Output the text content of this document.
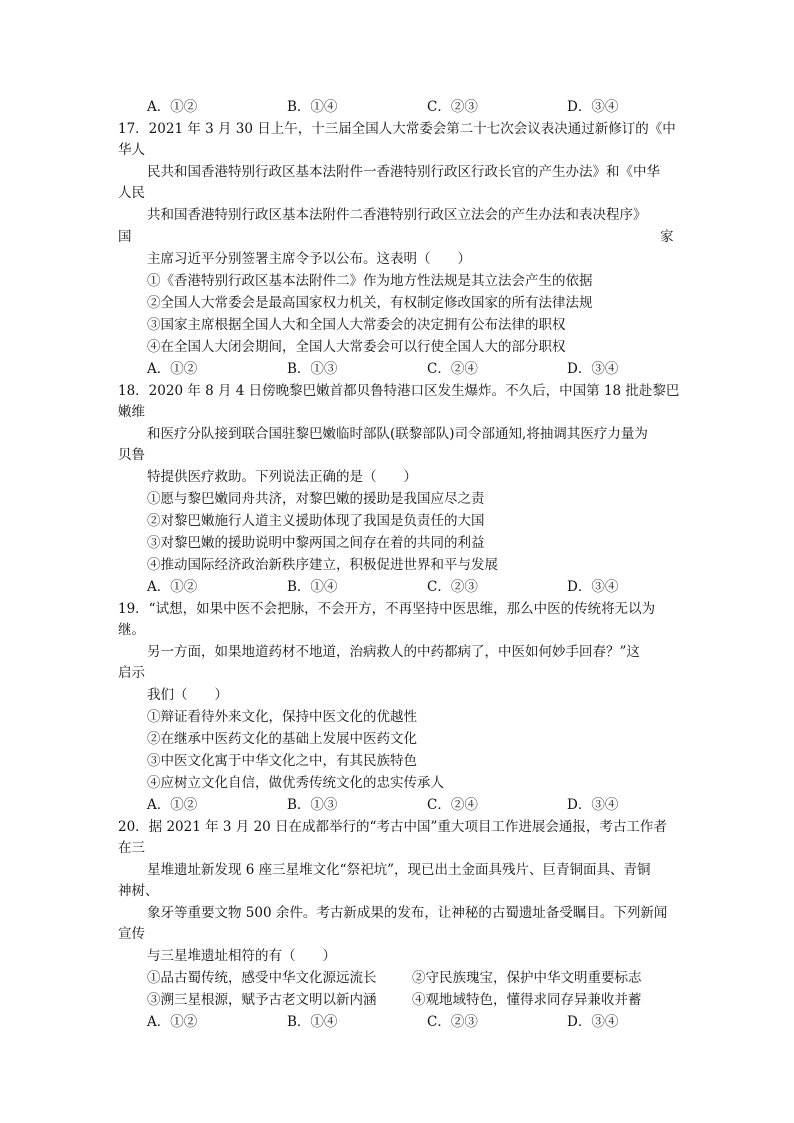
A．①②	B．①④	C．②③	D．③④
17．2021 年 3 月 30 日上午，十三届全国人大常委会第二十七次会议表决通过新修订的《中
华人
民共和国香港特别行政区基本法附件一香港特别行政区行政长官的产生办法》和《中华
人民
共和国香港特别行政区基本法附件二香港特别行政区立法会的产生办法和表决程序》
国	家
主席习近平分别签署主席令予以公布。这表明（　　）
①《香港特别行政区基本法附件二》作为地方性法规是其立法会产生的依据
②全国人大常委会是最高国家权力机关，有权制定修改国家的所有法律法规
③国家主席根据全国人大和全国人大常委会的决定拥有公布法律的职权
④在全国人大闭会期间，全国人大常委会可以行使全国人大的部分职权
A．①②	B．①③	C．②④	D．③④
18．2020 年 8 月 4 日傍晚黎巴嫩首都贝鲁特港口区发生爆炸。不久后，中国第 18 批赴黎巴
嫩维
和医疗分队接到联合国驻黎巴嫩临时部队(联黎部队)司令部通知,将抽调其医疗力量为
贝鲁
特提供医疗救助。下列说法正确的是（　　）
①愿与黎巴嫩同舟共济，对黎巴嫩的援助是我国应尽之责
②对黎巴嫩施行人道主义援助体现了我国是负责任的大国
③对黎巴嫩的援助说明中黎两国之间存在着的共同的利益
④推动国际经济政治新秩序建立，积极促进世界和平与发展
A．①②	B．①④	C．②③	D．③④
19．“试想，如果中医不会把脉，不会开方，不再坚持中医思维，那么中医的传统将无以为
继。
另一方面，如果地道药材不地道，治病救人的中药都病了，中医如何妙手回春？”这
启示
我们（　　）
①辩证看待外来文化，保持中医文化的优越性
②在继承中医药文化的基础上发展中医药文化
③中医文化寓于中华文化之中，有其民族特色
④应树立文化自信，做优秀传统文化的忠实传承人
A．①②	B．①③	C．②④	D．③④
20．据 2021 年 3 月 20 日在成都举行的“考古中国”重大项目工作进展会通报，考古工作者
在三
星堆遗址新发现 6 座三星堆文化“祭祀坑”，现已出土金面具残片、巨青铜面具、青铜
神树、
象牙等重要文物 500 余件。考古新成果的发布，让神秘的古蜀遗址备受瞩目。下列新闻
宣传
与三星堆遗址相符的有（　　）
①品古蜀传统，感受中华文化源远流长	②守民族瑰宝，保护中华文明重要标志
③溯三星根源，赋予古老文明以新内涵	④观地域特色，懂得求同存异兼收并蓄
A．①②	B．①④	C．②③	D．③④
